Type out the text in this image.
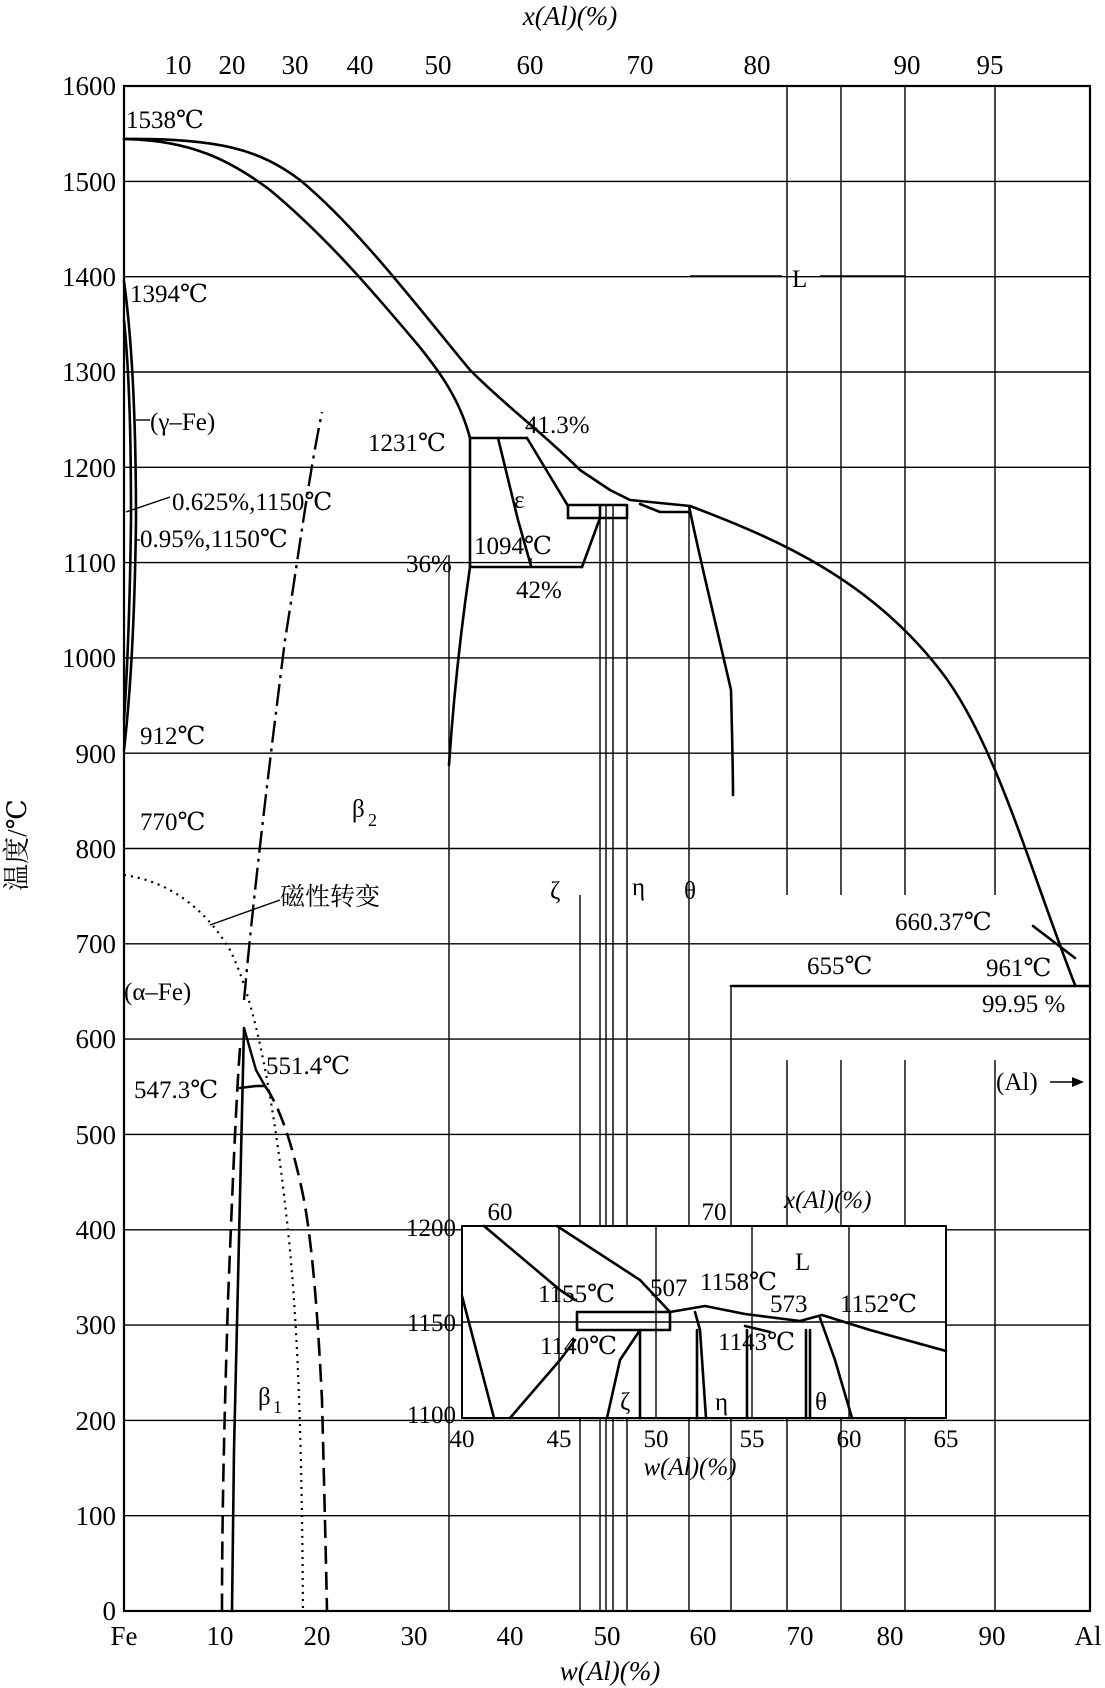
0
100
200
300
400
500
600
700
800
900
1000
1100
1200
1300
1400
1500
1600
Fe	10	20	30	40	50	60	70 80	90	Al
10 20 30 40 50 60	70	80	90 95
x(Al)(%)
w(Al)(%)
温度/℃
1538℃
1394℃
(γ–Fe)
0.625%,1150℃
0.95%,1150℃
912℃
770℃
(α–Fe)
磁性转变
β 2
β 1
547.3℃
551.4℃
1231℃
41.3%
ε
1094℃
36%
42%
L
ζ	η θ
660.37℃
655℃	961℃
99.95 %
(Al)
1100
1150
1200
40	45	50	55	60	65
w(Al)(%)
60	70 x(Al)(%)
1155℃ 507 1158℃
L
573 1152℃
1140℃	1143℃
ζ	η	θ
